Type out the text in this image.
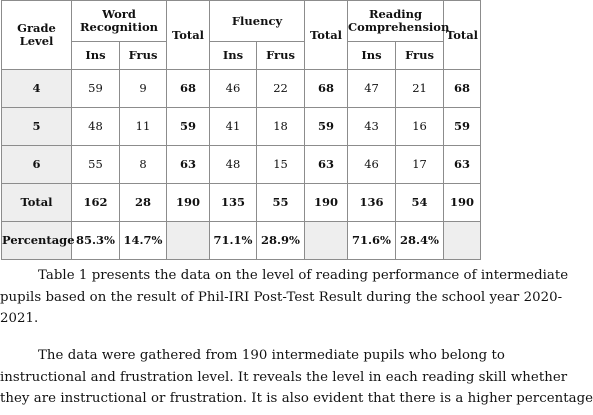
Grade Level	Word Recognition		Total	Fluency		Total	Reading Comprehension		Total
	Ins	Frus		Ins	Frus		Ins	Frus	
4	59	9	68	46	22	68	47	21	68
5	48	11	59	41	18	59	43	16	59
6	55	8	63	48	15	63	46	17	63
Total	162	28	190	135	55	190	136	54	190
Percentage	85.3%	14.7%		71.1%	28.9%		71.6%	28.4%	
Table 1 presents the data on the level of reading performance of intermediate
pupils based on the result of Phil-IRI Post-Test Result during the school year 2020-
2021.
The data were gathered from 190 intermediate pupils who belong to
instructional and frustration level. It reveals the level in each reading skill whether
they are instructional or frustration. It is also evident that there is a higher percentage
